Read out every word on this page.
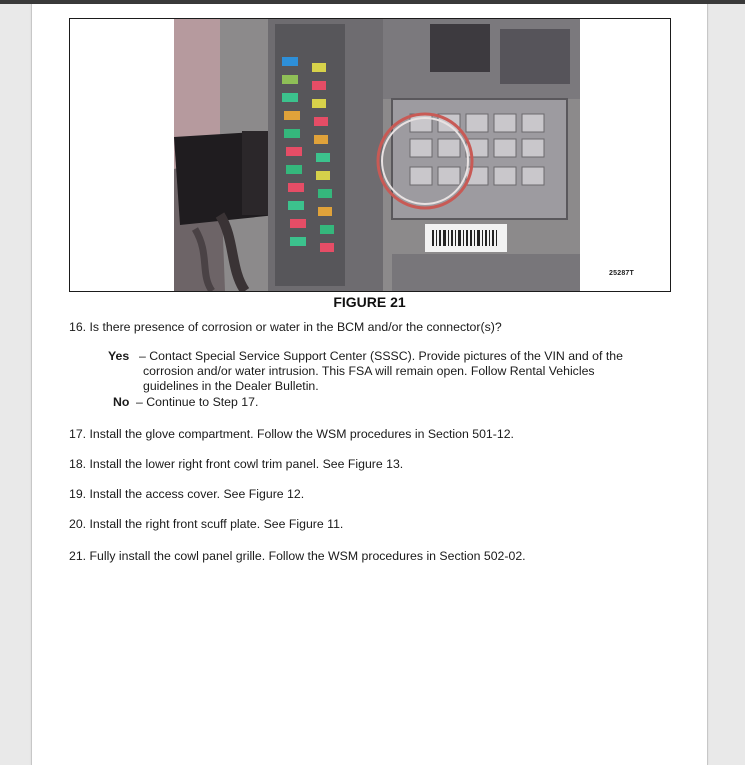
25287T
FIGURE 21
16. Is there presence of corrosion or water in the BCM and/or the connector(s)?
Yes – Contact Special Service Support Center (SSSC). Provide pictures of the VIN and of the
corrosion and/or water intrusion. This FSA will remain open. Follow Rental Vehicles
guidelines in the Dealer Bulletin.
No – Continue to Step 17.
17. Install the glove compartment. Follow the WSM procedures in Section 501-12.
18. Install the lower right front cowl trim panel. See Figure 13.
19. Install the access cover. See Figure 12.
20. Install the right front scuff plate. See Figure 11.
21. Fully install the cowl panel grille. Follow the WSM procedures in Section 502-02.
